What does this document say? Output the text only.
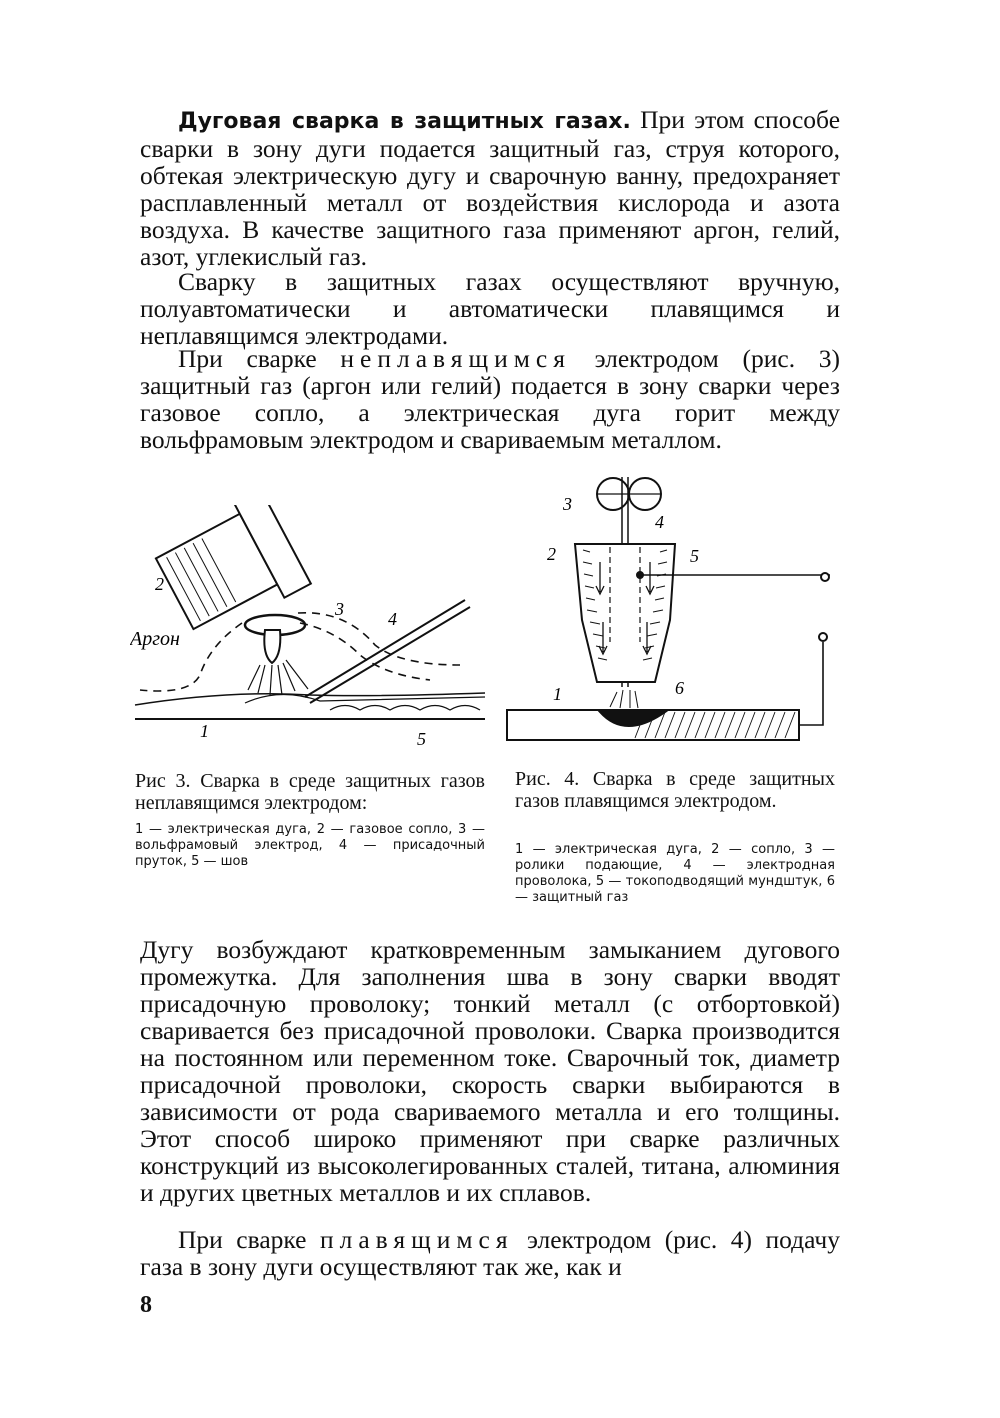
Дуговая сварка в защитных газах. При этом способе сварки в зону дуги подается защитный газ, струя которого, обтекая электрическую дугу и сварочную ванну, предохраняет расплавленный металл от воздействия кислорода и азота воздуха. В качестве защитного газа применяют аргон, гелий, азот, углекислый газ.

Сварку в защитных газах осуществляют вручную, полуавтоматически и автоматически плавящимся и неплавящимся электродами.

При сварке неплавящимся электродом (рис. 3) защитный газ (аргон или гелий) подается в зону сварки через газовое сопло, а электрическая дуга горит между вольфрамовым электродом и свариваемым металлом.

Аргон
2
3 4
1	5
3
4
2	5
1	6

Рис 3. Сварка в среде защитных газов неплавящимся электродом:

1 — электрическая дуга, 2 — газовое сопло, 3 — вольфрамовый электрод, 4 — присадочный пруток, 5 — шов

Рис. 4. Сварка в среде защитных газов плавящимся электродом.

1 — электрическая дуга, 2 — сопло, 3 — ролики подающие, 4 — электродная проволока, 5 — токоподводящий мундштук, 6 — защитный газ

Дугу возбуждают кратковременным замыканием дугового промежутка. Для заполнения шва в зону сварки вводят присадочную проволоку; тонкий металл (с отбортовкой) сваривается без присадочной проволоки. Сварка производится на постоянном или переменном токе. Сварочный ток, диаметр присадочной проволоки, скорость сварки выбираются в зависимости от рода свариваемого металла и его толщины. Этот способ широко применяют при сварке различных конструкций из высоколегированных сталей, титана, алюминия и других цветных металлов и их сплавов.

При сварке плавящимся электродом (рис. 4) подачу газа в зону дуги осуществляют так же, как и

8
